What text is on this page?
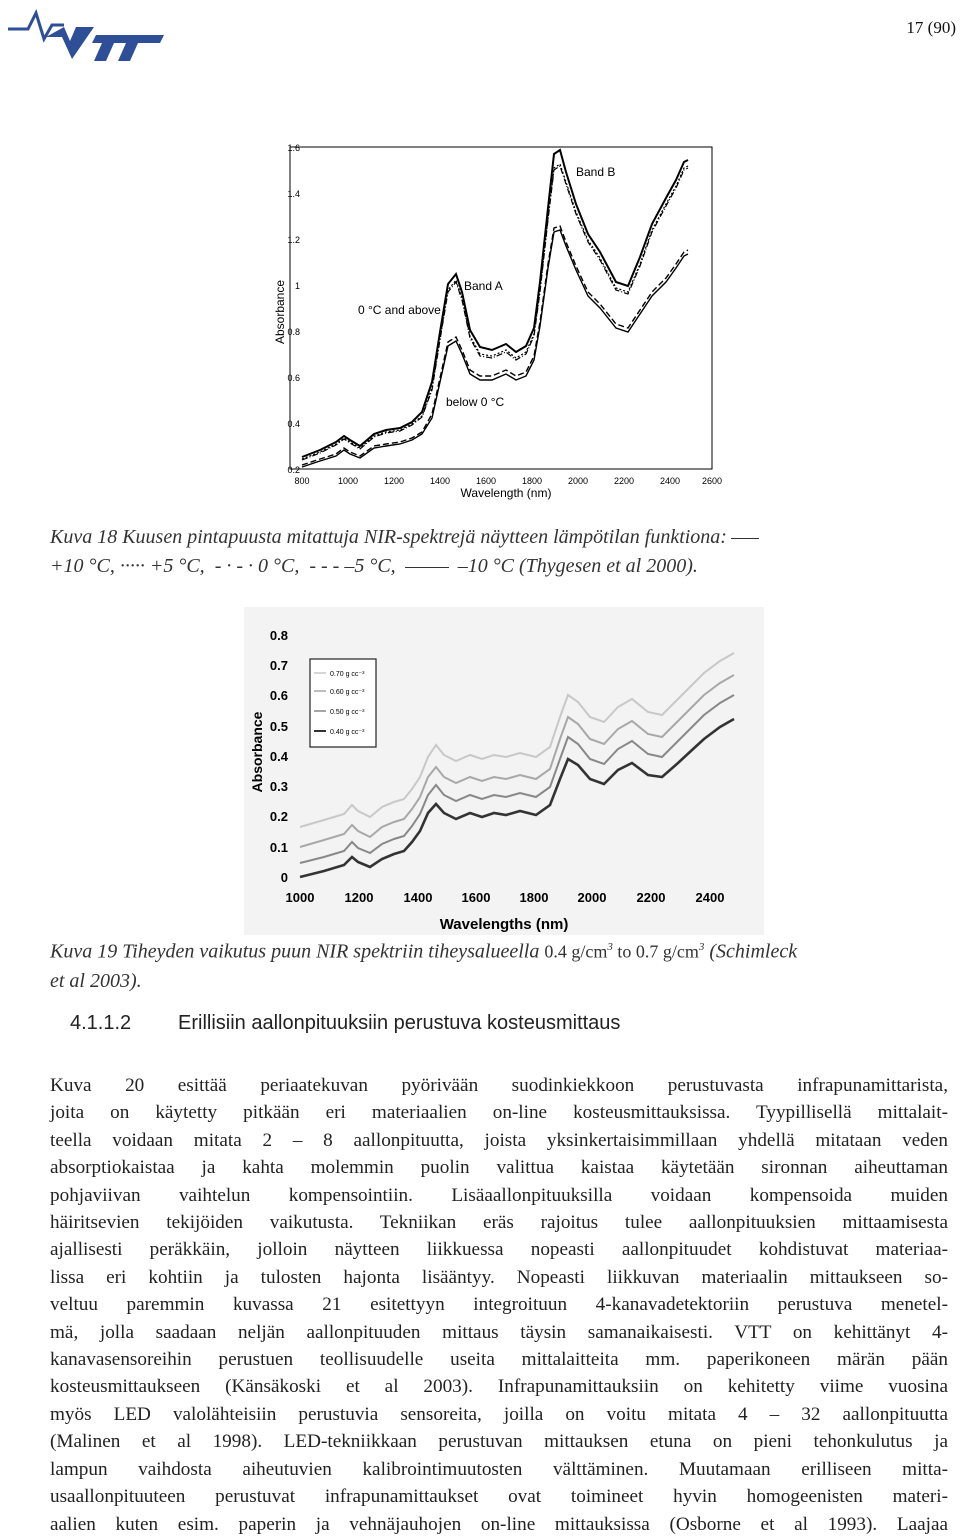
17 (90)
0.2
0.4
0.6
0.8
1
1.2
1.4
1.6
800	1000	1200	1400	1600	1800	2000	2200	2400 2600
Wavelength (nm)
Absorbance	Band A
Band B
0 °C and above
below 0 °C
Kuva 18 Kuusen pintapuusta mitattuja NIR-spektrejä näytteen lämpötilan funktiona:
+10 °C, ····· +5 °C, - · - · 0 °C, - - - –5 °C,	–10 °C (Thygesen et al 2000).
0
0.1
0.2
0.3
0.4
0.5
0.6
0.7
0.8
1000 1200 1400 1600 1800 2000 2200 2400
Wavelengths (nm)
Absorbance
0.70 g cc⁻³
0.60 g cc⁻³
0.50 g cc⁻³
0.40 g cc⁻³
Kuva 19 Tiheyden vaikutus puun NIR spektriin tiheysalueella 0.4 $g/cm^3$ to 0.7 $g/cm^3$ (Schimleck
et al 2003).
4.1.1.2 Erillisiin aallonpituuksiin perustuva kosteusmittaus
Kuva 20 esittää periaatekuvan pyörivään suodinkiekkoon perustuvasta infrapunamittarista,
joita on käytetty pitkään eri materiaalien on-line kosteusmittauksissa. Tyypillisellä mittalait-
teella voidaan mitata 2 – 8 aallonpituutta, joista yksinkertaisimmillaan yhdellä mitataan veden
absorptiokaistaa ja kahta molemmin puolin valittua kaistaa käytetään sironnan aiheuttaman
pohjaviivan vaihtelun kompensointiin. Lisäaallonpituuksilla voidaan kompensoida muiden
häiritsevien tekijöiden vaikutusta. Tekniikan eräs rajoitus tulee aallonpituuksien mittaamisesta
ajallisesti peräkkäin, jolloin näytteen liikkuessa nopeasti aallonpituudet kohdistuvat materiaa-
lissa eri kohtiin ja tulosten hajonta lisääntyy. Nopeasti liikkuvan materiaalin mittaukseen so-
veltuu paremmin kuvassa 21 esitettyyn integroituun 4-kanavadetektoriin perustuva menetel-
mä, jolla saadaan neljän aallonpituuden mittaus täysin samanaikaisesti. VTT on kehittänyt 4-
kanavasensoreihin perustuen teollisuudelle useita mittalaitteita mm. paperikoneen märän pään
kosteusmittaukseen (Känsäkoski et al 2003). Infrapunamittauksiin on kehitetty viime vuosina
myös LED valolähteisiin perustuvia sensoreita, joilla on voitu mitata 4 – 32 aallonpituutta
(Malinen et al 1998). LED-tekniikkaan perustuvan mittauksen etuna on pieni tehonkulutus ja
lampun vaihdosta aiheutuvien kalibrointimuutosten välttäminen. Muutamaan erilliseen mitta-
usaallonpituuteen perustuvat infrapunamittaukset ovat toimineet hyvin homogeenisten materi-
aalien kuten esim. paperin ja vehnäjauhojen on-line mittauksissa (Osborne et al 1993). Laajaa
